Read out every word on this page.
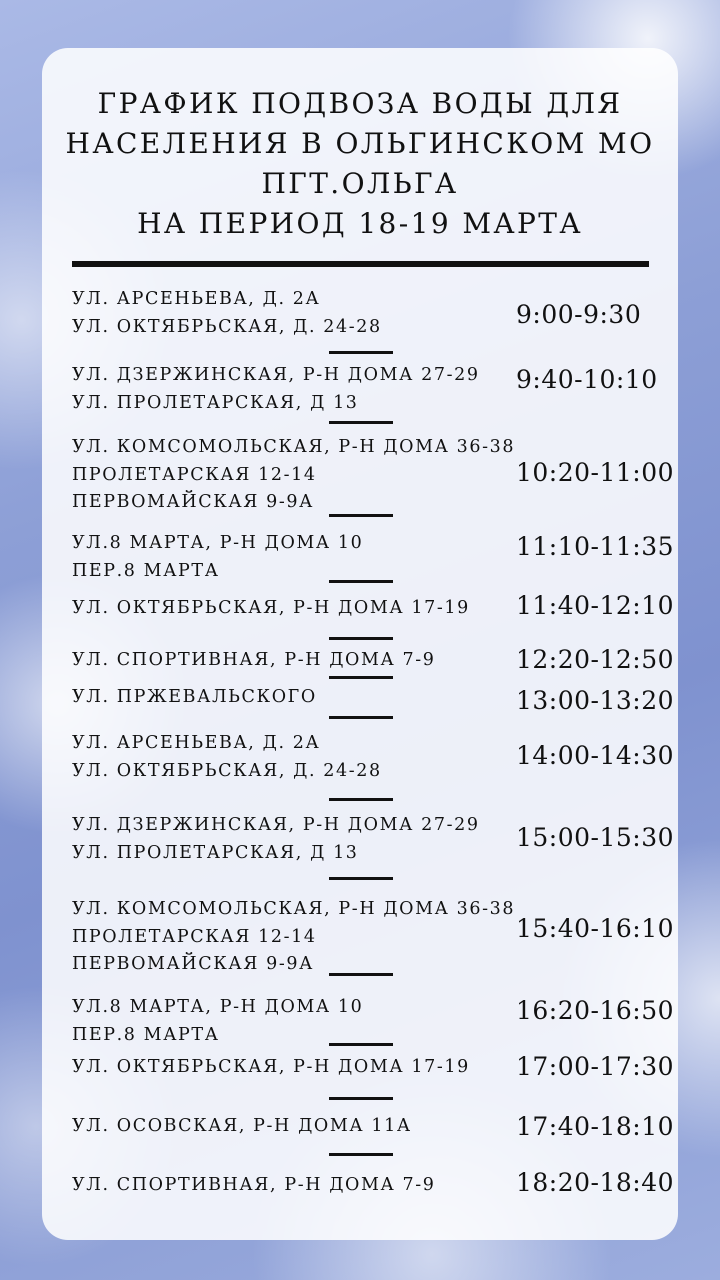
ГРАФИК ПОДВОЗА ВОДЫ ДЛЯ
НАСЕЛЕНИЯ В ОЛЬГИНСКОМ МО
ПГТ.ОЛЬГА
НА ПЕРИОД 18-19 МАРТА
УЛ. АРСЕНЬЕВА, Д. 2А
УЛ. ОКТЯБРЬСКАЯ, Д. 24-28	9:00-9:30
УЛ. ДЗЕРЖИНСКАЯ, Р-Н ДОМА 27-29
УЛ. ПРОЛЕТАРСКАЯ, Д 13
9:40-10:10
УЛ. КОМСОМОЛЬСКАЯ, Р-Н ДОМА 36-38
ПРОЛЕТАРСКАЯ 12-14
ПЕРВОМАЙСКАЯ 9-9А
10:20-11:00
УЛ.8 МАРТА, Р-Н ДОМА 10
ПЕР.8 МАРТА
11:10-11:35
УЛ. ОКТЯБРЬСКАЯ, Р-Н ДОМА 17-19 11:40-12:10
УЛ. СПОРТИВНАЯ, Р-Н ДОМА 7-9	12:20-12:50
УЛ. ПРЖЕВАЛЬСКОГО	13:00-13:20
УЛ. АРСЕНЬЕВА, Д. 2А
УЛ. ОКТЯБРЬСКАЯ, Д. 24-28
14:00-14:30
УЛ. ДЗЕРЖИНСКАЯ, Р-Н ДОМА 27-29
УЛ. ПРОЛЕТАРСКАЯ, Д 13
15:00-15:30
УЛ. КОМСОМОЛЬСКАЯ, Р-Н ДОМА 36-38
ПРОЛЕТАРСКАЯ 12-14
ПЕРВОМАЙСКАЯ 9-9А
15:40-16:10
УЛ.8 МАРТА, Р-Н ДОМА 10
ПЕР.8 МАРТА
16:20-16:50
УЛ. ОКТЯБРЬСКАЯ, Р-Н ДОМА 17-19 17:00-17:30
УЛ. ОСОВСКАЯ, Р-Н ДОМА 11А	17:40-18:10
УЛ. СПОРТИВНАЯ, Р-Н ДОМА 7-9	18:20-18:40
